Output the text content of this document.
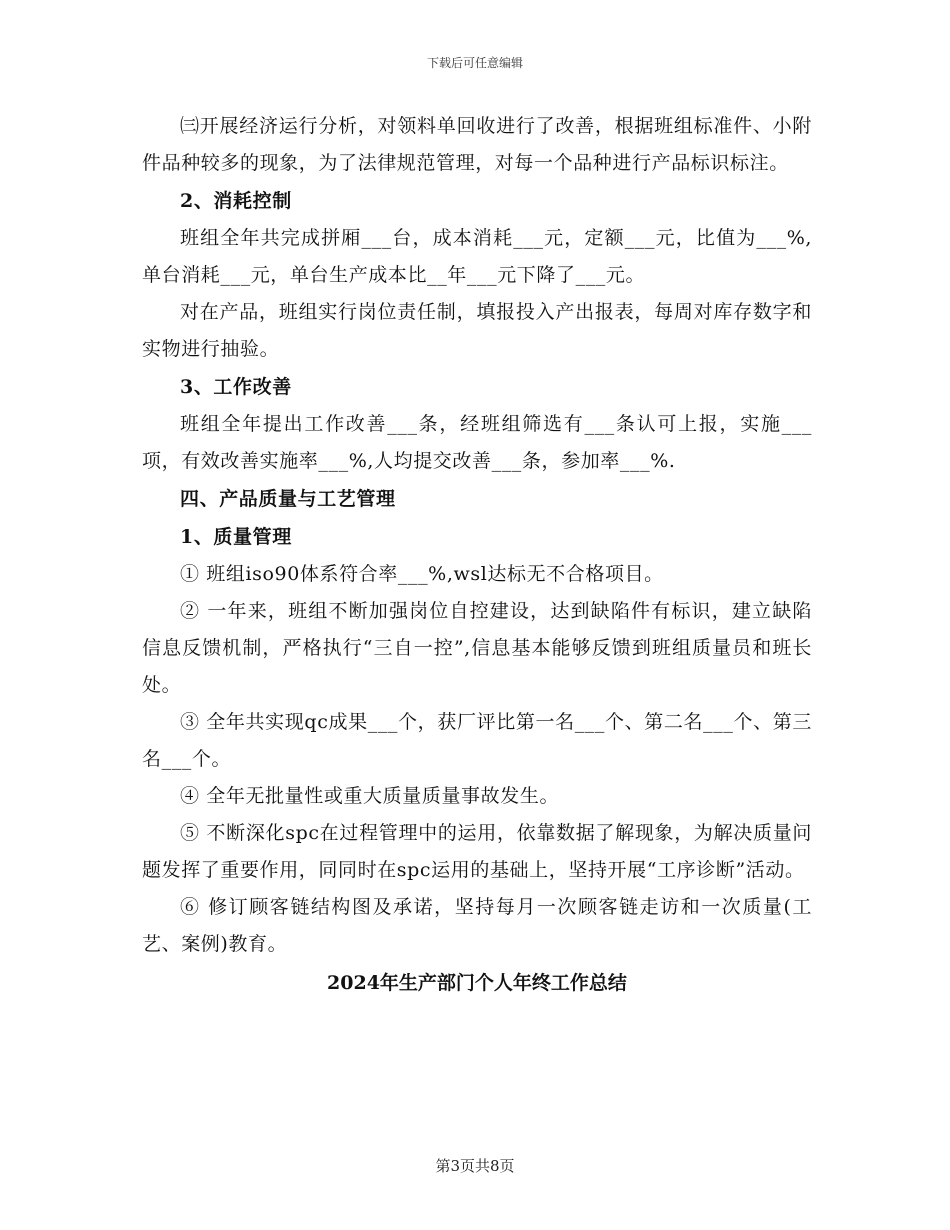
下载后可任意编辑

㈢开展经济运行分析，对领料单回收进行了改善，根据班组标准件、小附件品种较多的现象，为了法律规范管理，对每一个品种进行产品标识标注。

2、消耗控制

班组全年共完成拼厢___台，成本消耗___元，定额___元，比值为___%,单台消耗___元，单台生产成本比__年___元下降了___元。

对在产品，班组实行岗位责任制，填报投入产出报表，每周对库存数字和实物进行抽验。

3、工作改善

班组全年提出工作改善___条，经班组筛选有___条认可上报，实施___项，有效改善实施率___%,人均提交改善___条，参加率___%.

四、产品质量与工艺管理

1、质量管理

① 班组iso90体系符合率___%,wsl达标无不合格项目。

② 一年来，班组不断加强岗位自控建设，达到缺陷件有标识，建立缺陷信息反馈机制，严格执行“三自一控”,信息基本能够反馈到班组质量员和班长处。

③ 全年共实现qc成果___个，获厂评比第一名___个、第二名___个、第三名___个。

④ 全年无批量性或重大质量质量事故发生。

⑤ 不断深化spc在过程管理中的运用，依靠数据了解现象，为解决质量问题发挥了重要作用，同同时在spc运用的基础上，坚持开展“工序诊断”活动。

⑥ 修订顾客链结构图及承诺，坚持每月一次顾客链走访和一次质量(工艺、案例)教育。

2024年生产部门个人年终工作总结

第3页共8页
